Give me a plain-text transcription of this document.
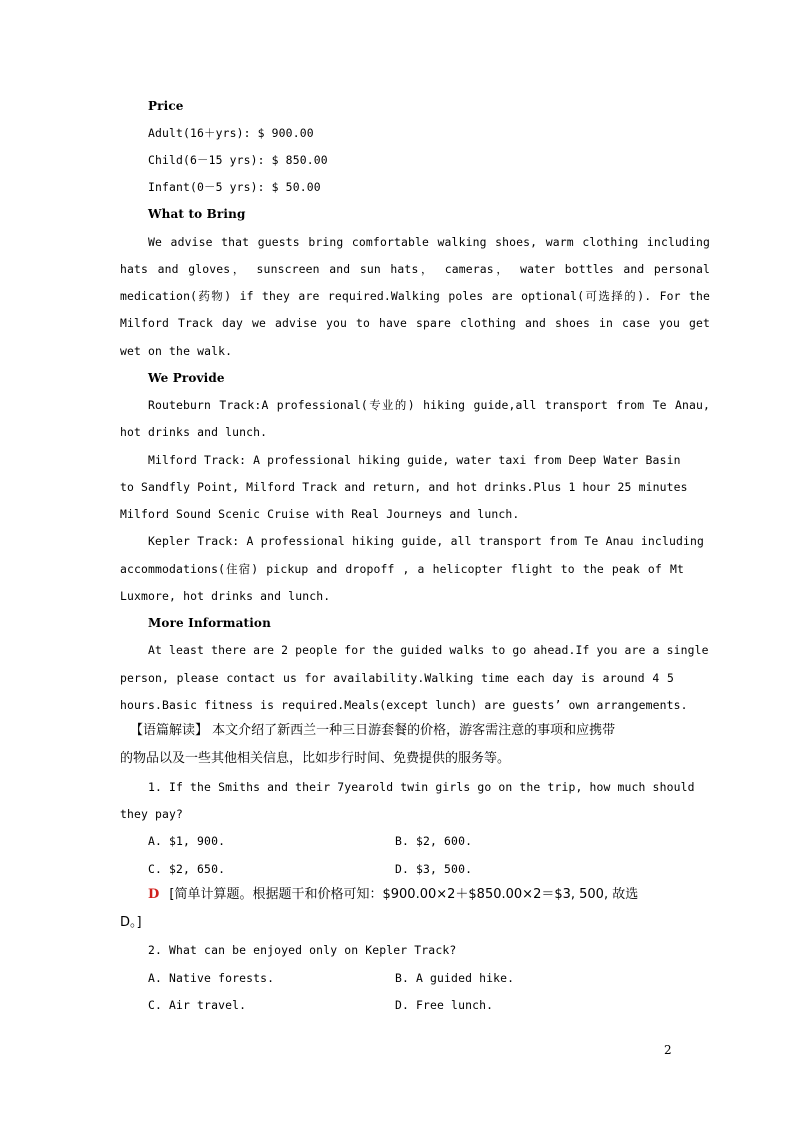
Price
Adult(16＋yrs): $ 900.00
Child(6－15 yrs): $ 850.00
Infant(0－5 yrs): $ 50.00
What to Bring
We advise that guests bring comfortable walking shoes, warm clothing including
hats and gloves， sunscreen and sun hats， cameras， water bottles and personal
medication(药物) if they are required.Walking poles are optional(可选择的). For the
Milford Track day we advise you to have spare clothing and shoes in case you get
wet on the walk.
We Provide
Routeburn Track:A professional(专业的) hiking guide,all transport from Te Anau,
hot drinks and lunch.
Milford Track: A professional hiking guide, water taxi from Deep Water Basin
to Sandfly Point, Milford Track and return, and hot drinks.Plus 1 hour 25 minutes
Milford Sound Scenic Cruise with Real Journeys and lunch.
Kepler Track: A professional hiking guide, all transport from Te Anau including
accommodations(住宿) pickup and dropoff , a helicopter flight to the peak of Mt
Luxmore, hot drinks and lunch.
More Information
At least there are 2 people for the guided walks to go ahead.If you are a single
person, please contact us for availability.Walking time each day is around 4 5
hours.Basic fitness is required.Meals(except lunch) are guests’ own arrangements.
【语篇解读】 本文介绍了新西兰一种三日游套餐的价格，游客需注意的事项和应携带
的物品以及一些其他相关信息，比如步行时间、免费提供的服务等。
1. If the Smiths and their 7yearold twin girls go on the trip, how much should
they pay?
A. $1, 900.	B. $2, 600.
C. $2, 650.	D. $3, 500.
D [简单计算题。根据题干和价格可知：$900.00×2＋$850.00×2＝$3, 500, 故选
D。]
2. What can be enjoyed only on Kepler Track?
A. Native forests.	B. A guided hike.
C. Air travel.	D. Free lunch.
2
